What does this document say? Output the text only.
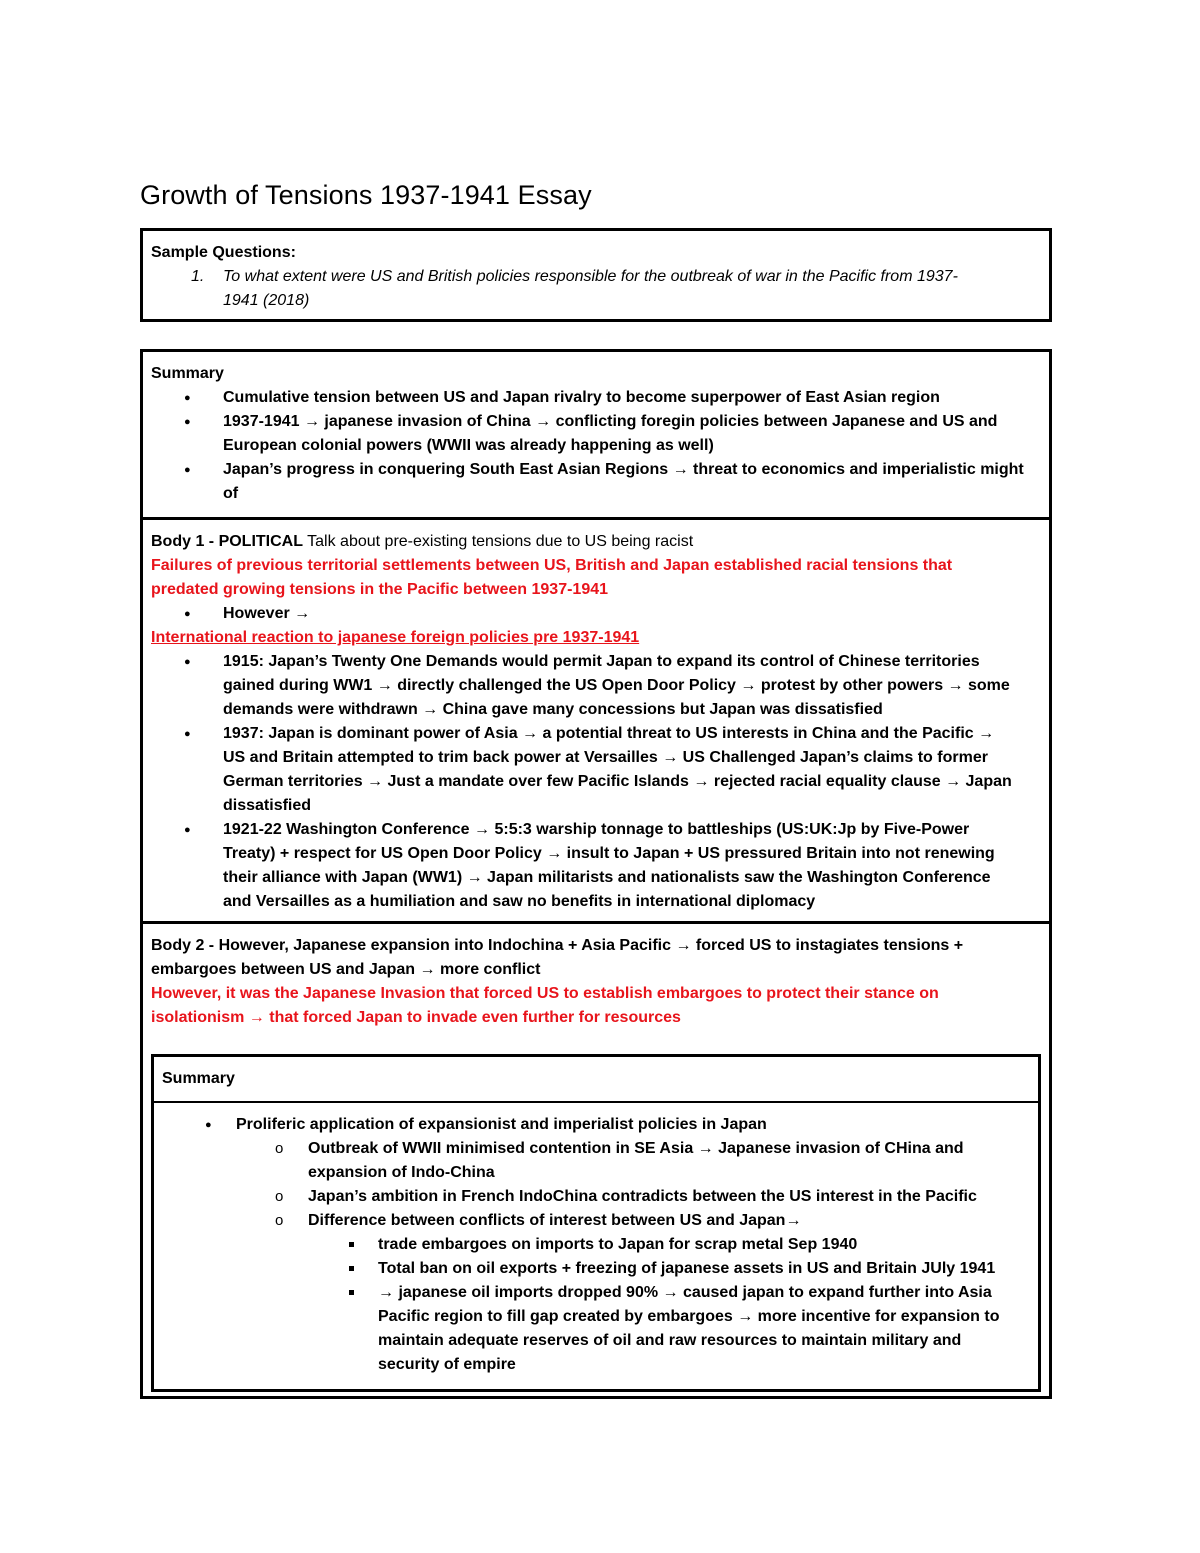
Growth of Tensions 1937-1941 Essay
Sample Questions:
1. To what extent were US and British policies responsible for the outbreak of war in the Pacific from 1937-
1941 (2018)
Summary
● Cumulative tension between US and Japan rivalry to become superpower of East Asian region
● 1937-1941 → japanese invasion of China → conflicting foregin policies between Japanese and US and
European colonial powers (WWII was already happening as well)
● Japan’s progress in conquering South East Asian Regions → threat to economics and imperialistic might
of
Body 1 - POLITICAL Talk about pre-existing tensions due to US being racist
Failures of previous territorial settlements between US, British and Japan established racial tensions that
predated growing tensions in the Pacific between 1937-1941
● However →
International reaction to japanese foreign policies pre 1937-1941
● 1915: Japan’s Twenty One Demands would permit Japan to expand its control of Chinese territories
gained during WW1 → directly challenged the US Open Door Policy → protest by other powers → some
demands were withdrawn → China gave many concessions but Japan was dissatisfied
● 1937: Japan is dominant power of Asia → a potential threat to US interests in China and the Pacific →
US and Britain attempted to trim back power at Versailles → US Challenged Japan’s claims to former
German territories → Just a mandate over few Pacific Islands → rejected racial equality clause → Japan
dissatisfied
● 1921-22 Washington Conference → 5:5:3 warship tonnage to battleships (US:UK:Jp by Five-Power
Treaty) + respect for US Open Door Policy → insult to Japan + US pressured Britain into not renewing
their alliance with Japan (WW1) → Japan militarists and nationalists saw the Washington Conference
and Versailles as a humiliation and saw no benefits in international diplomacy
Body 2 - However, Japanese expansion into Indochina + Asia Pacific → forced US to instagiates tensions +
embargoes between US and Japan → more conflict
However, it was the Japanese Invasion that forced US to establish embargoes to protect their stance on
isolationism → that forced Japan to invade even further for resources
Summary
● Proliferic application of expansionist and imperialist policies in Japan
o Outbreak of WWII minimised contention in SE Asia → Japanese invasion of CHina and
expansion of Indo-China
o Japan’s ambition in French IndoChina contradicts between the US interest in the Pacific
o Difference between conflicts of interest between US and Japan→
trade embargoes on imports to Japan for scrap metal Sep 1940
Total ban on oil exports + freezing of japanese assets in US and Britain JUly 1941
→ japanese oil imports dropped 90% → caused japan to expand further into Asia
Pacific region to fill gap created by embargoes → more incentive for expansion to
maintain adequate reserves of oil and raw resources to maintain military and
security of empire
